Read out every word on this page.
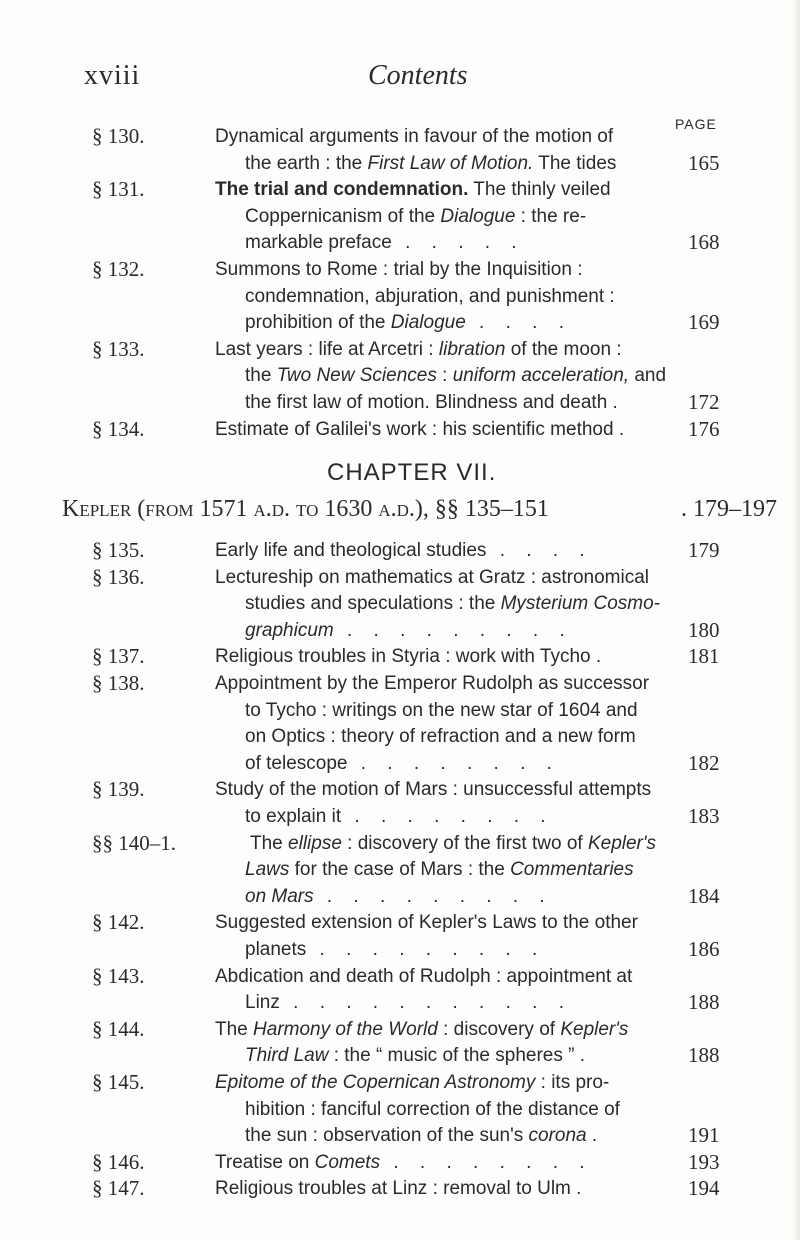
xviii	Contents
PAGE
§ 130.	Dynamical arguments in favour of the motion of
the earth : the First Law of Motion. The tides	165
§ 131.	The trial and condemnation. The thinly veiled
Coppernicanism of the Dialogue : the re-
markable preface . . . . .	168
§ 132.	Summons to Rome : trial by the Inquisition :
condemnation, abjuration, and punishment :
prohibition of the Dialogue . . . .	169
§ 133.	Last years : life at Arcetri : libration of the moon :
the Two New Sciences : uniform acceleration, and
the first law of motion. Blindness and death .	172
§ 134.	Estimate of Galilei's work : his scientific method .	176
CHAPTER VII.
Kepler (from 1571 a.d. to 1630 a.d.), §§ 135–151	. 179–197
§ 135.	Early life and theological studies . . . .	179
§ 136.	Lectureship on mathematics at Gratz : astronomical
studies and speculations : the Mysterium Cosmo-
graphicum . . . . . . . . .	180
§ 137.	Religious troubles in Styria : work with Tycho .	181
§ 138.	Appointment by the Emperor Rudolph as successor
to Tycho : writings on the new star of 1604 and
on Optics : theory of refraction and a new form
of telescope . . . . . . . .	182
§ 139.	Study of the motion of Mars : unsuccessful attempts
to explain it . . . . . . . .	183
§§ 140–1.	The ellipse : discovery of the first two of Kepler's
Laws for the case of Mars : the Commentaries
on Mars . . . . . . . . .	184
§ 142.	Suggested extension of Kepler's Laws to the other
planets . . . . . . . . .	186
§ 143.	Abdication and death of Rudolph : appointment at
Linz . . . . . . . . . . .	188
§ 144.	The Harmony of the World : discovery of Kepler's
Third Law : the “ music of the spheres ” .	188
§ 145.	Epitome of the Copernican Astronomy : its pro-
hibition : fanciful correction of the distance of
the sun : observation of the sun's corona .	191
§ 146.	Treatise on Comets . . . . . . . .	193
§ 147.	Religious troubles at Linz : removal to Ulm .	194
